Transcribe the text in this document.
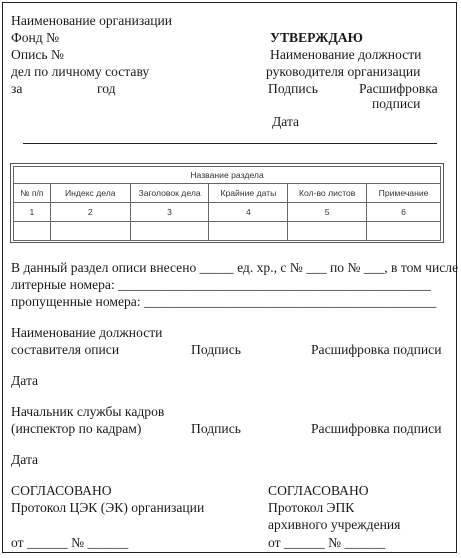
Наименование организации
Фонд №
Опись №
дел по личному составу
за	год
УТВЕРЖДАЮ
Наименование должности
руководителя организации
Подпись	Расшифровка
подписи
Дата
Название раздела					
№ п/п	Индекс дела	Заголовок дела	Крайние даты	Кол-во листов	Примечание
1	2	3	4	5	6

В данный раздел описи внесено _____ ед. хр., с № ___ по № ___, в том числе
литерные номера: ______________________________________________
пропущенные номера: ___________________________________________
Наименование должности
составителя описи	Подпись	Расшифровка подписи
Дата
Начальник службы кадров
(инспектор по кадрам)	Подпись	Расшифровка подписи
Дата
СОГЛАСОВАНО
Протокол ЦЭК (ЭК) организации
от ______ № ______
СОГЛАСОВАНО
Протокол ЭПК
архивного учреждения
от ______ № ______
